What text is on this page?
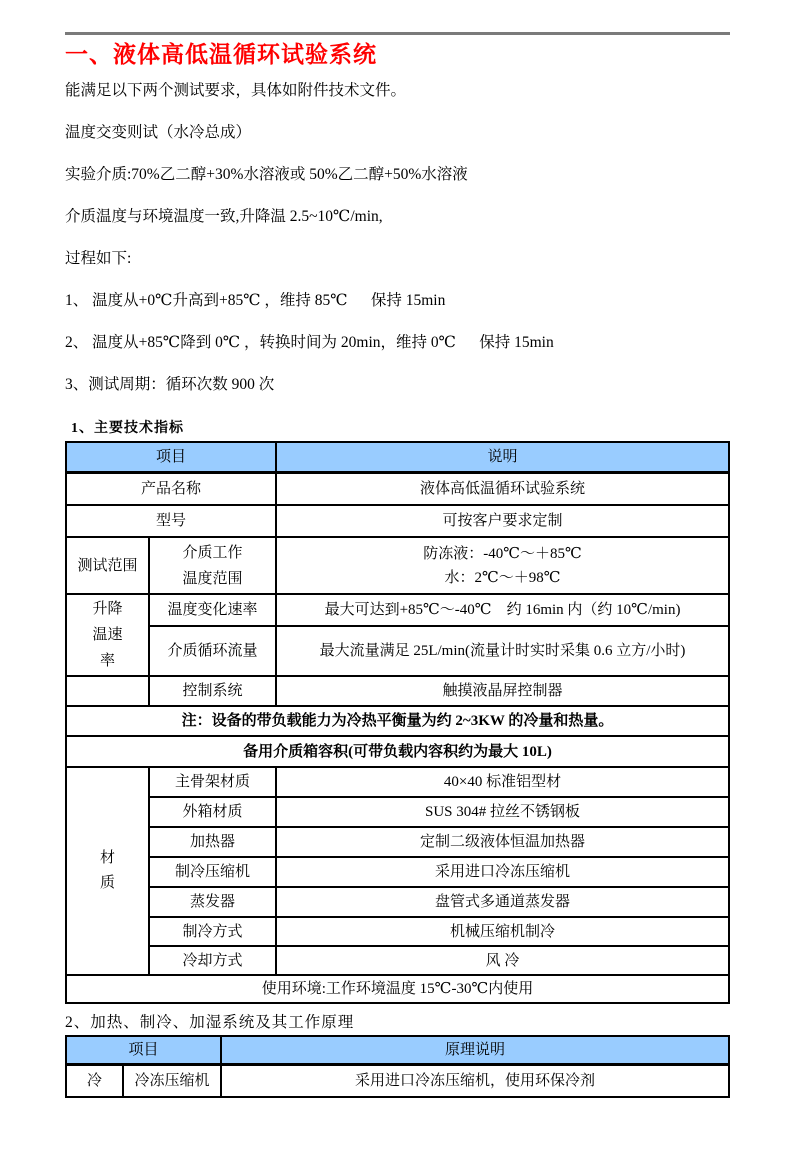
一、液体高低温循环试验系统

能满足以下两个测试要求，具体如附件技术文件。

温度交变则试（水冷总成）

实验介质:70%乙二醇+30%水溶液或 50%乙二醇+50%水溶液

介质温度与环境温度一致,升降温 2.5~10℃/min,

过程如下:

1、 温度从+0℃升高到+85℃ ，维持 85℃　  保持 15min

2、 温度从+85℃降到 0℃ ，转换时间为 20min，维持 0℃　  保持 15min

3、测试周期：循环次数 900 次

1、主要技术指标
项目		说明
产品名称		液体高低温循环试验系统
型号		可按客户要求定制
测试范围	介质工作温度范围	防冻液：-40℃～＋85℃
水：2℃～＋98℃

升降温速率	温度变化速率	最大可达到+85℃～-40℃　约 16min 内（约 10℃/min)
	介质循环流量	最大流量满足 25L/min(流量计时实时采集 0.6 立方/小时)
	控制系统	触摸液晶屏控制器
注：设备的带负载能力为冷热平衡量为约 2~3KW 的冷量和热量。		
备用介质箱容积(可带负载内容积约为最大 10L)		
材质	主骨架材质	40×40 标准铝型材
	外箱材质	SUS 304# 拉丝不锈钢板
	加热器	定制二级液体恒温加热器
	制冷压缩机	采用进口冷冻压缩机
	蒸发器	盘管式多通道蒸发器
	制冷方式	机械压缩机制冷
	冷却方式	风 冷
使用环境:工作环境温度 15℃-30℃内使用		
2、加热、制冷、加湿系统及其工作原理
项目		原理说明
冷	冷冻压缩机	采用进口冷冻压缩机，使用环保冷剂
